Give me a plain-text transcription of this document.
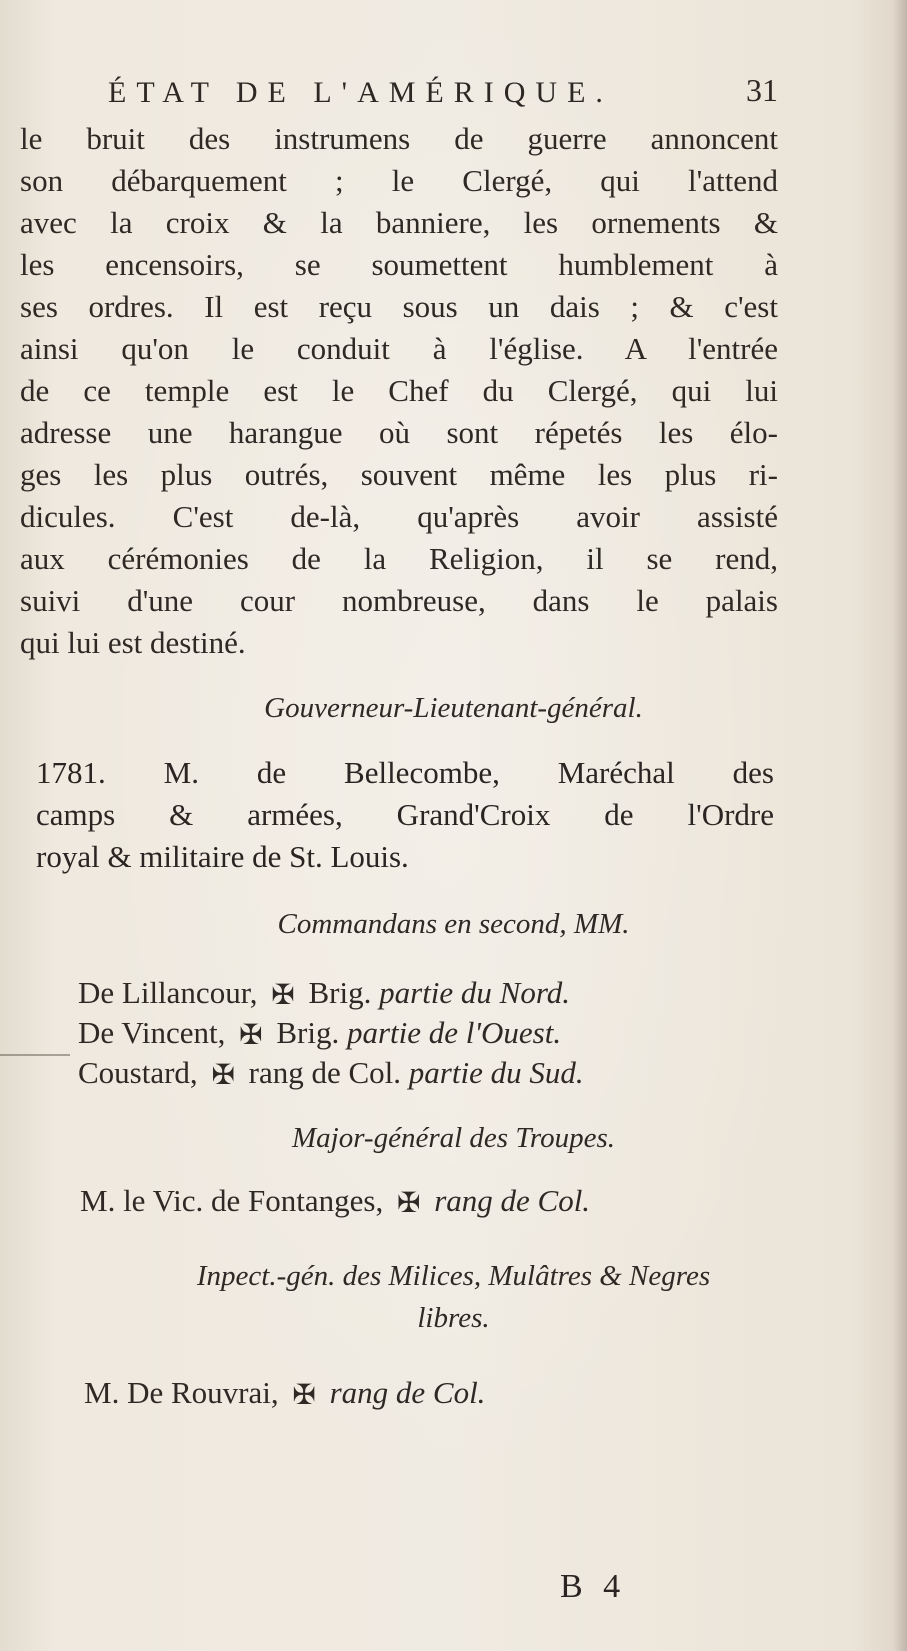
ÉTAT DE L'AMÉRIQUE.	31
le bruit des instrumens de guerre annoncent
son débarquement ; le Clergé, qui l'attend
avec la croix & la banniere, les ornements &
les encensoirs, se soumettent humblement à
ses ordres. Il est reçu sous un dais ; & c'est
ainsi qu'on le conduit à l'église. A l'entrée
de ce temple est le Chef du Clergé, qui lui
adresse une harangue où sont répetés les élo-
ges les plus outrés, souvent même les plus ri-
dicules. C'est de-là, qu'après avoir assisté
aux cérémonies de la Religion, il se rend,
suivi d'une cour nombreuse, dans le palais
qui lui est destiné.
Gouverneur-Lieutenant-général.
1781. M. de Bellecombe, Maréchal des
camps & armées, Grand'Croix de l'Ordre
royal & militaire de St. Louis.
Commandans en second, MM.
De Lillancour, ✠ Brig. partie du Nord.
De Vincent, ✠ Brig. partie de l'Ouest.
Coustard, ✠ rang de Col. partie du Sud.
Major-général des Troupes.
M. le Vic. de Fontanges, ✠ rang de Col.
Inpect.-gén. des Milices, Mulâtres & Negres
libres.
M. De Rouvrai, ✠ rang de Col.
B 4
